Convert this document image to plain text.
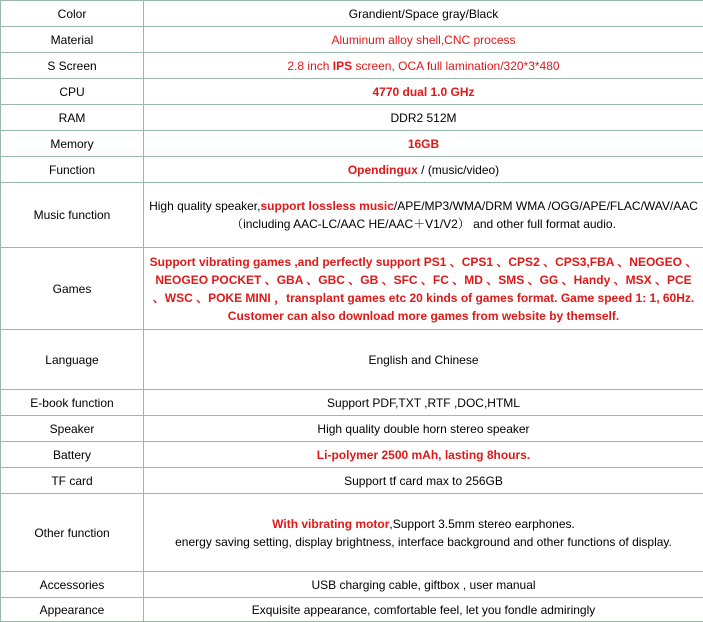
Color	Grandient/Space gray/Black
Material	Aluminum alloy shell,CNC process
S Screen	2.8 inch IPS screen, OCA full lamination/320*3*480
CPU	4770 dual 1.0 GHz
RAM	DDR2 512M
Memory	16GB
Function	Opendingux / (music/video)
Music function	High quality speaker,support lossless music/APE/MP3/WMA/DRM WMA /OGG/APE/FLAC/WAV/AAC
（including AAC-LC/AAC HE/AAC＋V1/V2） and other full format audio.
Games	Support vibrating games ,and perfectly support PS1 、CPS1 、CPS2 、CPS3,FBA 、NEOGEO 、NEOGEO POCKET 、GBA 、GBC 、GB 、SFC 、FC 、MD 、SMS 、GG 、Handy 、MSX 、PCE 、WSC 、POKE MINI ，transplant games etc 20 kinds of games format. Game speed 1: 1, 60Hz. Customer can also download more games from website by themself.
Language	English and Chinese
E-book function	Support PDF,TXT ,RTF ,DOC,HTML
Speaker	High quality double horn stereo speaker
Battery	Li-polymer 2500 mAh, lasting 8hours.
TF card	Support tf card max to 256GB
Other function	With vibrating motor,Support 3.5mm stereo earphones.
energy saving setting, display brightness, interface background and other functions of display.
Accessories	USB charging cable, giftbox , user manual
Appearance	Exquisite appearance, comfortable feel, let you fondle admiringly
